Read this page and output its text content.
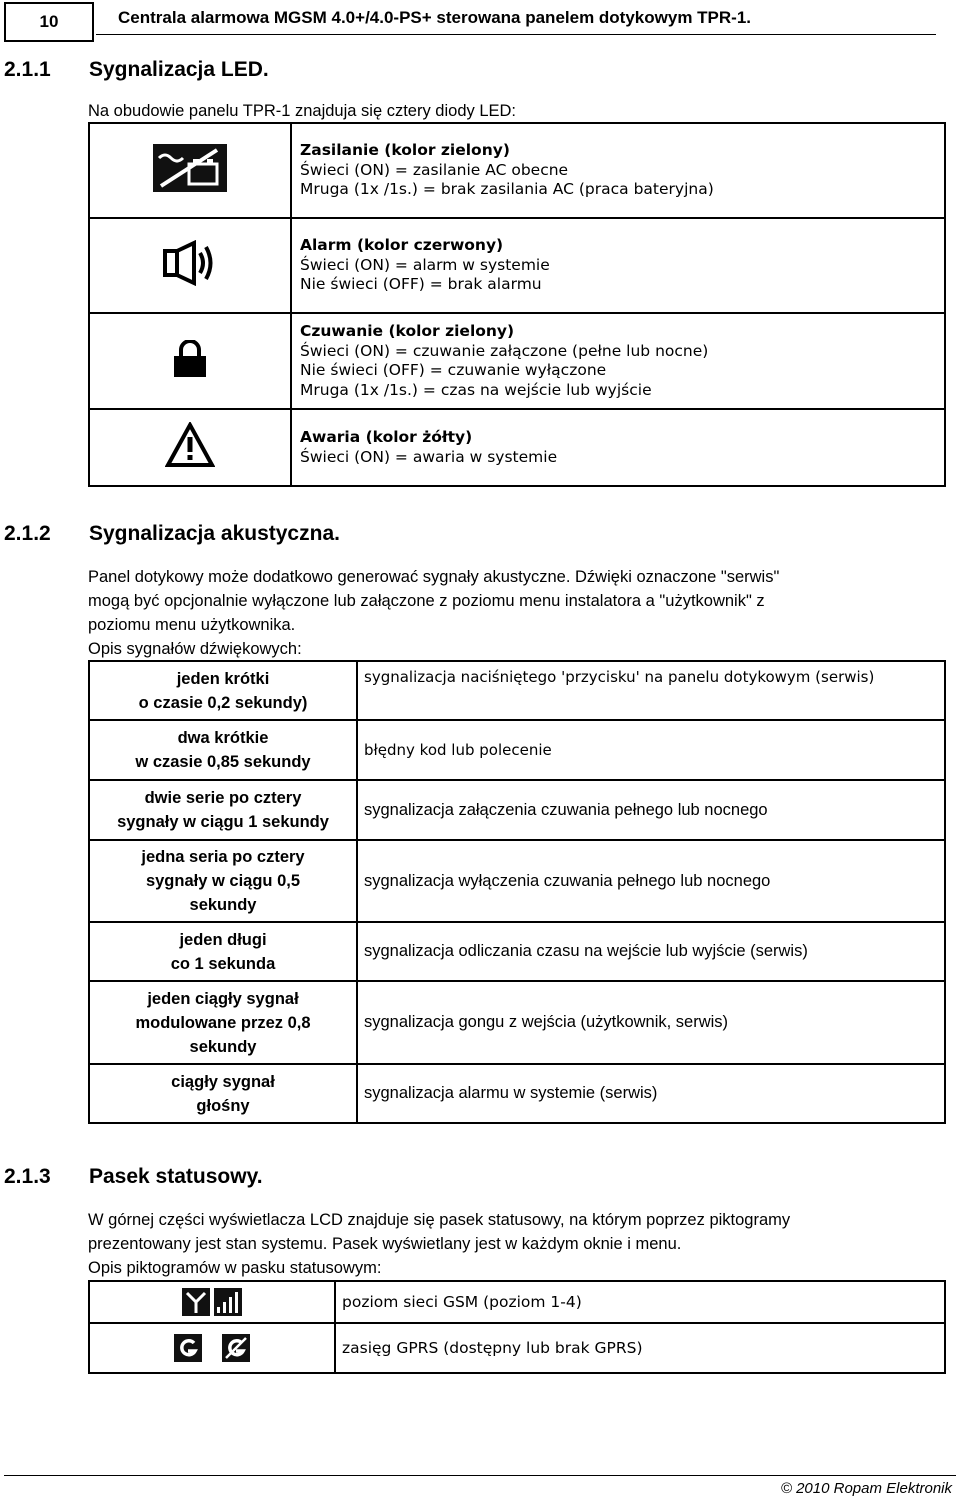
10	Centrala alarmowa MGSM 4.0+/4.0-PS+ sterowana panelem dotykowym TPR-1.
2.1.1 Sygnalizacja LED.
Na obudowie panelu TPR-1 znajduja się cztery diody LED:

Zasilanie (kolor zielony)
Świeci (ON) = zasilanie AC obecne
Mruga (1x /1s.) = brak zasilania AC (praca bateryjna)

Alarm (kolor czerwony)
Świeci (ON) = alarm w systemie
Nie świeci (OFF) = brak alarmu

Czuwanie (kolor zielony)
Świeci (ON) = czuwanie załączone (pełne lub nocne)
Nie świeci (OFF) = czuwanie wyłączone
Mruga (1x /1s.) = czas na wejście lub wyjście

Awaria (kolor żółty)
Świeci (ON) = awaria w systemie
2.1.2 Sygnalizacja akustyczna.
Panel dotykowy może dodatkowo generować sygnały akustyczne. Dźwięki oznaczone "serwis"
mogą być opcjonalnie wyłączone lub załączone z poziomu menu instalatora a "użytkownik" z
poziomu menu użytkownika.
Opis sygnałów dźwiękowych:
jeden krótki
o czasie 0,2 sekundy)	sygnalizacja naciśniętego 'przycisku' na panelu dotykowym (serwis)

dwa krótkie
w czasie 0,85 sekundy	błędny kod lub polecenie

dwie serie po cztery
sygnały w ciągu 1 sekundy	sygnalizacja załączenia czuwania pełnego lub nocnego

jedna seria po cztery
sygnały w ciągu 0,5
sekundy	sygnalizacja wyłączenia czuwania pełnego lub nocnego

jeden długi
co 1 sekunda	sygnalizacja odliczania czasu na wejście lub wyjście (serwis)

jeden ciągły sygnał
modulowane przez 0,8
sekundy	sygnalizacja gongu z wejścia (użytkownik, serwis)

ciągły sygnał
głośny	sygnalizacja alarmu w systemie (serwis)
2.1.3 Pasek statusowy.
W górnej części wyświetlacza LCD znajduje się pasek statusowy, na którym poprzez piktogramy
prezentowany jest stan systemu. Pasek wyświetlany jest w każdym oknie i menu.
Opis piktogramów w pasku statusowym:
	poziom sieci GSM (poziom 1-4)
	zasięg GPRS (dostępny lub brak GPRS)
© 2010 Ropam Elektronik
